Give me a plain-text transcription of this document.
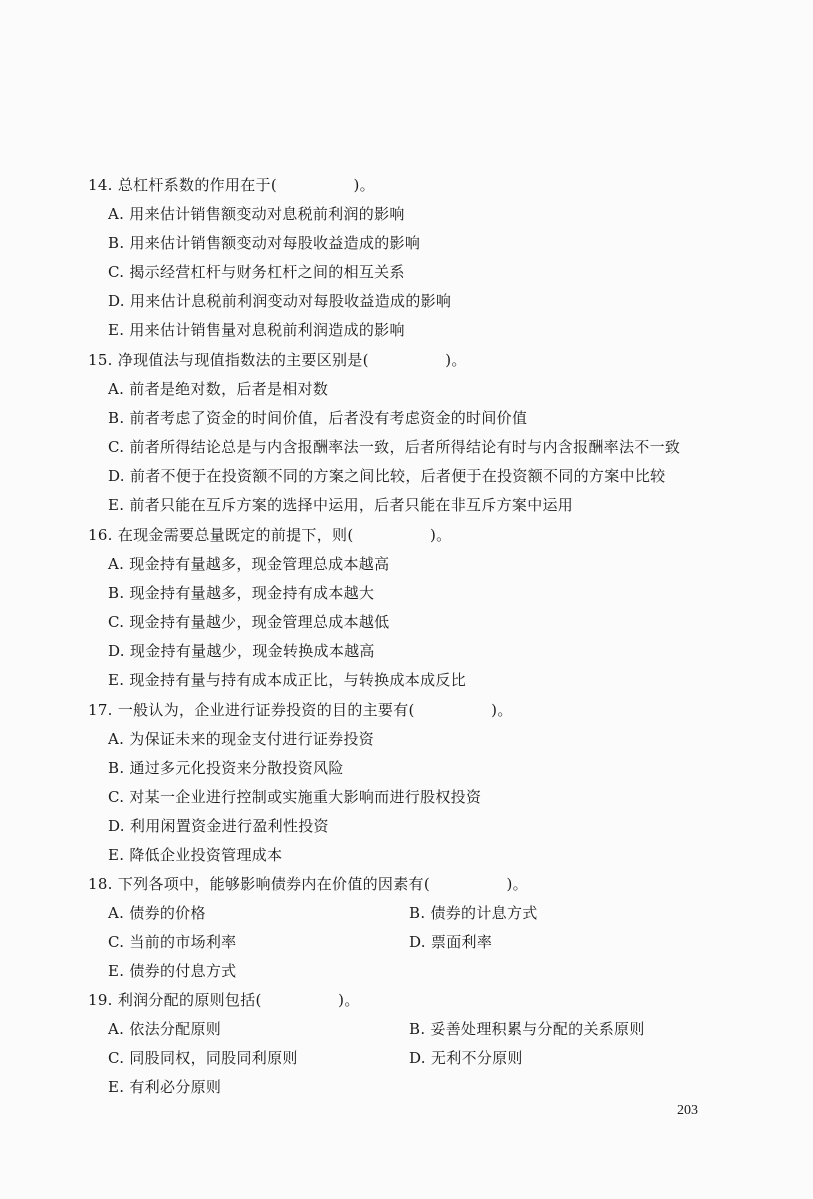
14. 总杠杆系数的作用在于(　　　　　)。
A. 用来估计销售额变动对息税前利润的影响
B. 用来估计销售额变动对每股收益造成的影响
C. 揭示经营杠杆与财务杠杆之间的相互关系
D. 用来估计息税前利润变动对每股收益造成的影响
E. 用来估计销售量对息税前利润造成的影响
15. 净现值法与现值指数法的主要区别是(　　　　　)。
A. 前者是绝对数，后者是相对数
B. 前者考虑了资金的时间价值，后者没有考虑资金的时间价值
C. 前者所得结论总是与内含报酬率法一致，后者所得结论有时与内含报酬率法不一致
D. 前者不便于在投资额不同的方案之间比较，后者便于在投资额不同的方案中比较
E. 前者只能在互斥方案的选择中运用，后者只能在非互斥方案中运用
16. 在现金需要总量既定的前提下，则(　　　　　)。
A. 现金持有量越多，现金管理总成本越高
B. 现金持有量越多，现金持有成本越大
C. 现金持有量越少，现金管理总成本越低
D. 现金持有量越少，现金转换成本越高
E. 现金持有量与持有成本成正比，与转换成本成反比
17. 一般认为，企业进行证券投资的目的主要有(　　　　　)。
A. 为保证未来的现金支付进行证券投资
B. 通过多元化投资来分散投资风险
C. 对某一企业进行控制或实施重大影响而进行股权投资
D. 利用闲置资金进行盈利性投资
E. 降低企业投资管理成本
18. 下列各项中，能够影响债券内在价值的因素有(　　　　　)。
A. 债券的价格	B. 债券的计息方式
C. 当前的市场利率	D. 票面利率
E. 债券的付息方式
19. 利润分配的原则包括(　　　　　)。
A. 依法分配原则	B. 妥善处理积累与分配的关系原则
C. 同股同权，同股同利原则	D. 无利不分原则
E. 有利必分原则
203
